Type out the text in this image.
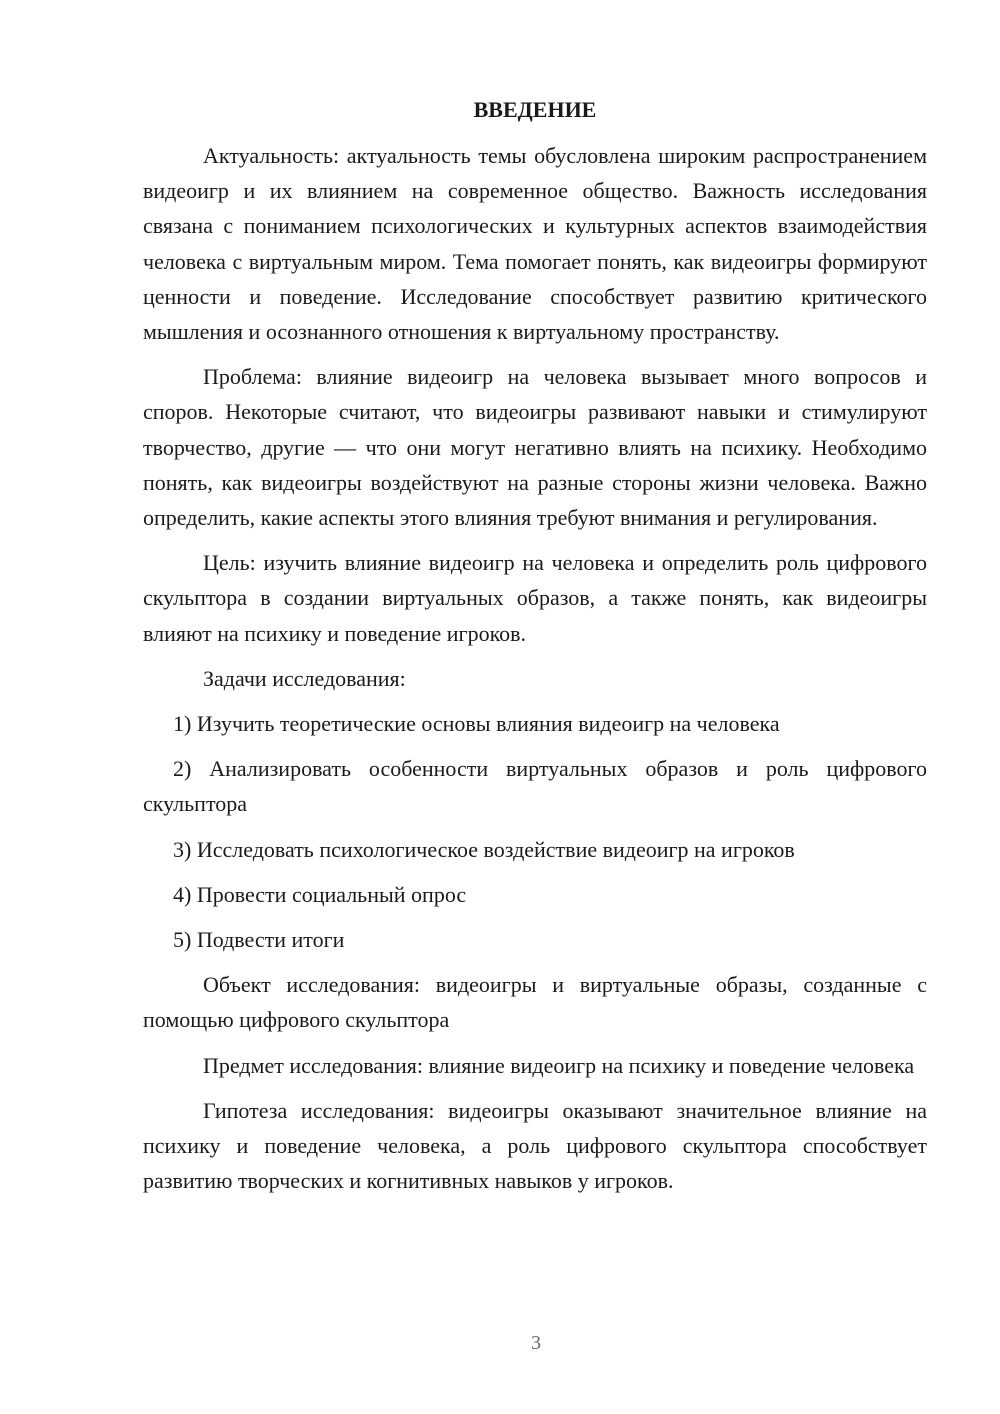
ВВЕДЕНИЕ

Актуальность: актуальность темы обусловлена широким распространением видеоигр и их влиянием на современное общество. Важность исследования связана с пониманием психологических и культурных аспектов взаимодействия человека с виртуальным миром. Тема помогает понять, как видеоигры формируют ценности и поведение. Исследование способствует развитию критического мышления и осознанного отношения к виртуальному пространству.

Проблема: влияние видеоигр на человека вызывает много вопросов и споров. Некоторые считают, что видеоигры развивают навыки и стимулируют творчество, другие — что они могут негативно влиять на психику. Необходимо понять, как видеоигры воздействуют на разные стороны жизни человека. Важно определить, какие аспекты этого влияния требуют внимания и регулирования.

Цель: изучить влияние видеоигр на человека и определить роль цифрового скульптора в создании виртуальных образов, а также понять, как видеоигры влияют на психику и поведение игроков.

Задачи исследования:

1) Изучить теоретические основы влияния видеоигр на человека
2) Анализировать особенности виртуальных образов и роль цифрового скульптора
3) Исследовать психологическое воздействие видеоигр на игроков
4) Провести социальный опрос
5) Подвести итоги

Объект исследования: видеоигры и виртуальные образы, созданные с помощью цифрового скульптора

Предмет исследования: влияние видеоигр на психику и поведение человека

Гипотеза исследования: видеоигры оказывают значительное влияние на психику и поведение человека, а роль цифрового скульптора способствует развитию творческих и когнитивных навыков у игроков.

3
